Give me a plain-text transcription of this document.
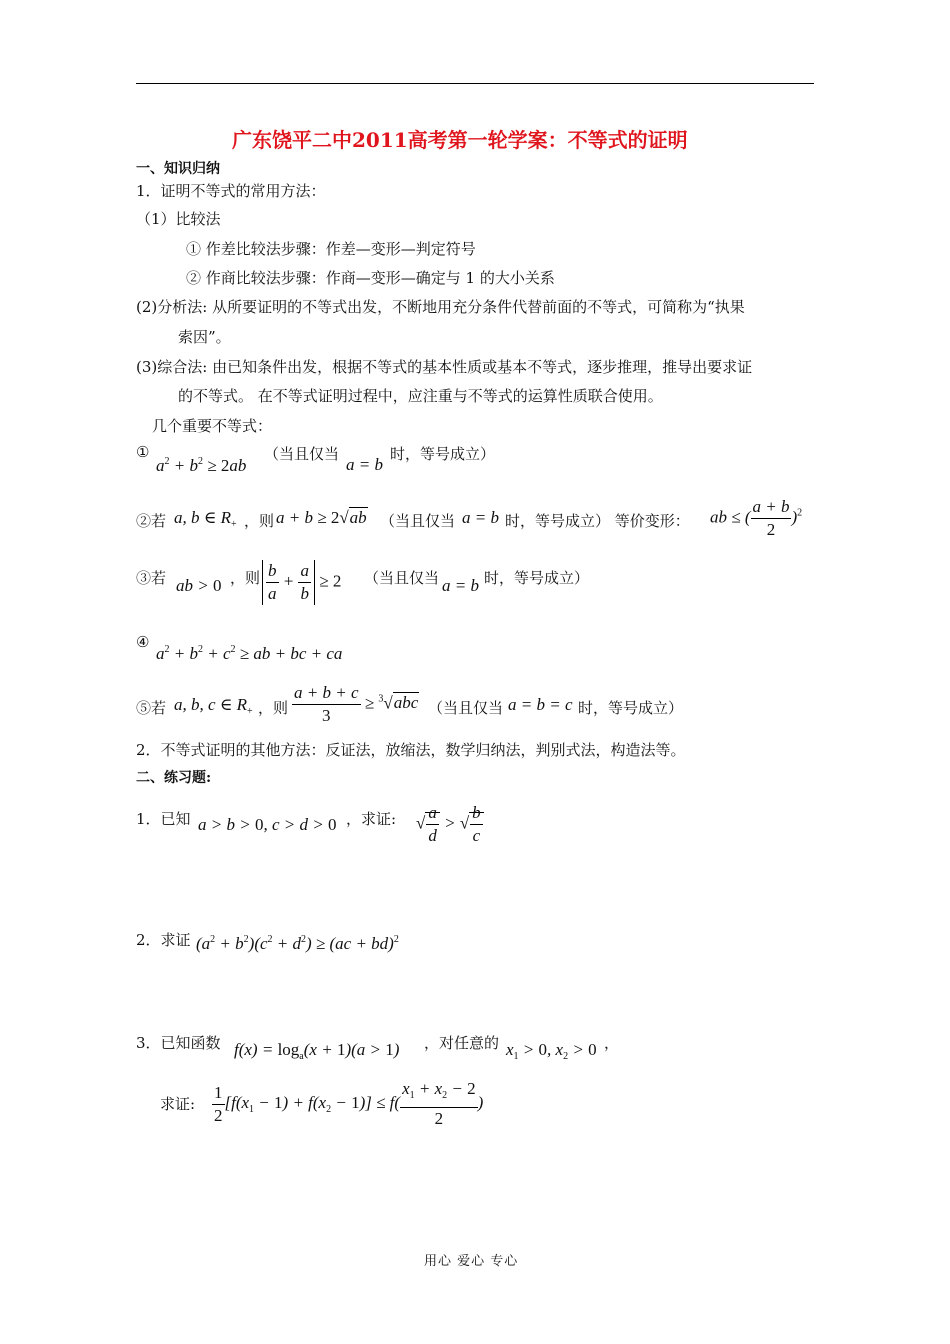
广东饶平二中2011高考第一轮学案：不等式的证明
一、知识归纳
1．证明不等式的常用方法：
（1）比较法
① 作差比较法步骤：作差—变形—判定符号
② 作商比较法步骤：作商—变形—确定与 1 的大小关系
(2)分析法: 从所要证明的不等式出发，不断地用充分条件代替前面的不等式，可简称为“执果
索因”。
(3)综合法: 由已知条件出发，根据不等式的基本性质或基本不等式，逐步推理，推导出要求证
的不等式。 在不等式证明过程中，应注重与不等式的运算性质联合使用。
几个重要不等式：
①
$a^2 + b^2 \ge 2ab$
（当且仅当
a = b
时，等号成立）
②若 a, b ∈ $R_+$ ，则 a + b ≥ 2√ab （当且仅当 a = b 时，等号成立） 等价变形： ab ≤ ( $\frac{a + b}{2} )^2$
③若 ab > 0 ，则 $\frac{b}{a} + \frac{a}{b} \ge 2$ （当且仅当 a = b 时，等号成立）
④
$a^2 + b^2 + c^2$ ≥ ab + bc + ca
⑤若 a, b, c ∈ $R_+$ ，则 $\frac{a + b + c}{3} \ge ^3√abc$ （当且仅当 a = b = c 时，等号成立）
2．不等式证明的其他方法：反证法，放缩法，数学归纳法，判别式法，构造法等。
二、练习题:
1．已知 a > b > 0, c > d > 0 ，求证: √ $\frac{a}{d}$ > √ $\frac{b}{c}$
2．求证 $(a^2 + b^2)(c^2 + d^2) \ge (ac + bd)^2$
3．已知函数 $f(x) = \log_a(x + 1)(a > 1)$ ，对任意的 $x_1 > 0$, $x_2 > 0$ ，
求证: $\frac{1}{2} [f(x_1 - 1) + f(x_2 - 1)] \le f( \frac{x_1 + x_2 - 2}{2}$ )
用心 爱心 专心
